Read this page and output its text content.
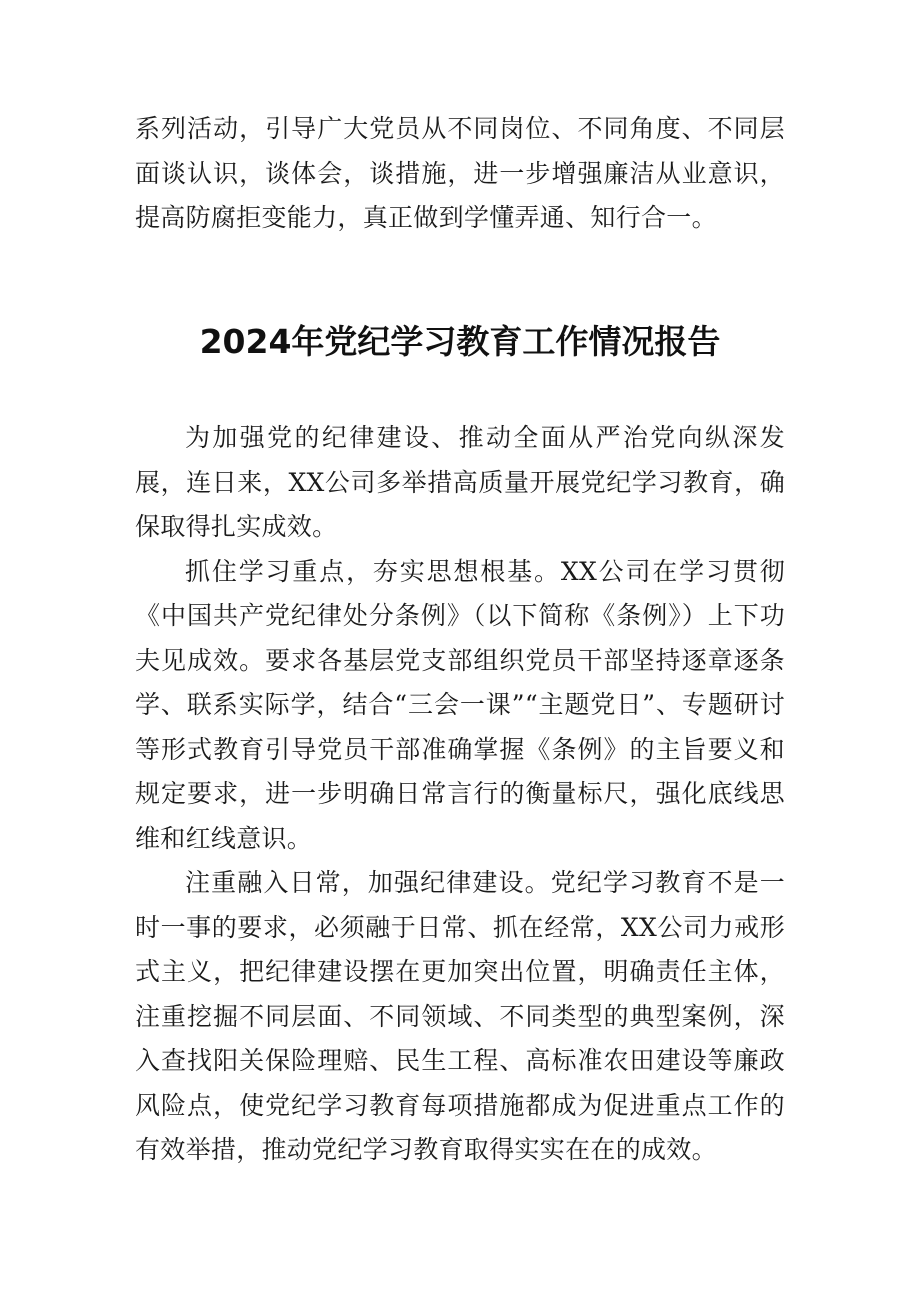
系列活动，引导广大党员从不同岗位、不同角度、不同层面谈认识，谈体会，谈措施，进一步增强廉洁从业意识，提高防腐拒变能力，真正做到学懂弄通、知行合一。

2024年党纪学习教育工作情况报告

为加强党的纪律建设、推动全面从严治党向纵深发展，连日来，XX公司多举措高质量开展党纪学习教育，确保取得扎实成效。

抓住学习重点，夯实思想根基。XX公司在学习贯彻《中国共产党纪律处分条例》（以下简称《条例》）上下功夫见成效。要求各基层党支部组织党员干部坚持逐章逐条学、联系实际学，结合“三会一课”“主题党日”、专题研讨等形式教育引导党员干部准确掌握《条例》的主旨要义和规定要求，进一步明确日常言行的衡量标尺，强化底线思维和红线意识。

注重融入日常，加强纪律建设。党纪学习教育不是一时一事的要求，必须融于日常、抓在经常，XX公司力戒形式主义，把纪律建设摆在更加突出位置，明确责任主体，注重挖掘不同层面、不同领域、不同类型的典型案例，深入查找阳关保险理赔、民生工程、高标准农田建设等廉政风险点，使党纪学习教育每项措施都成为促进重点工作的有效举措，推动党纪学习教育取得实实在在的成效。
